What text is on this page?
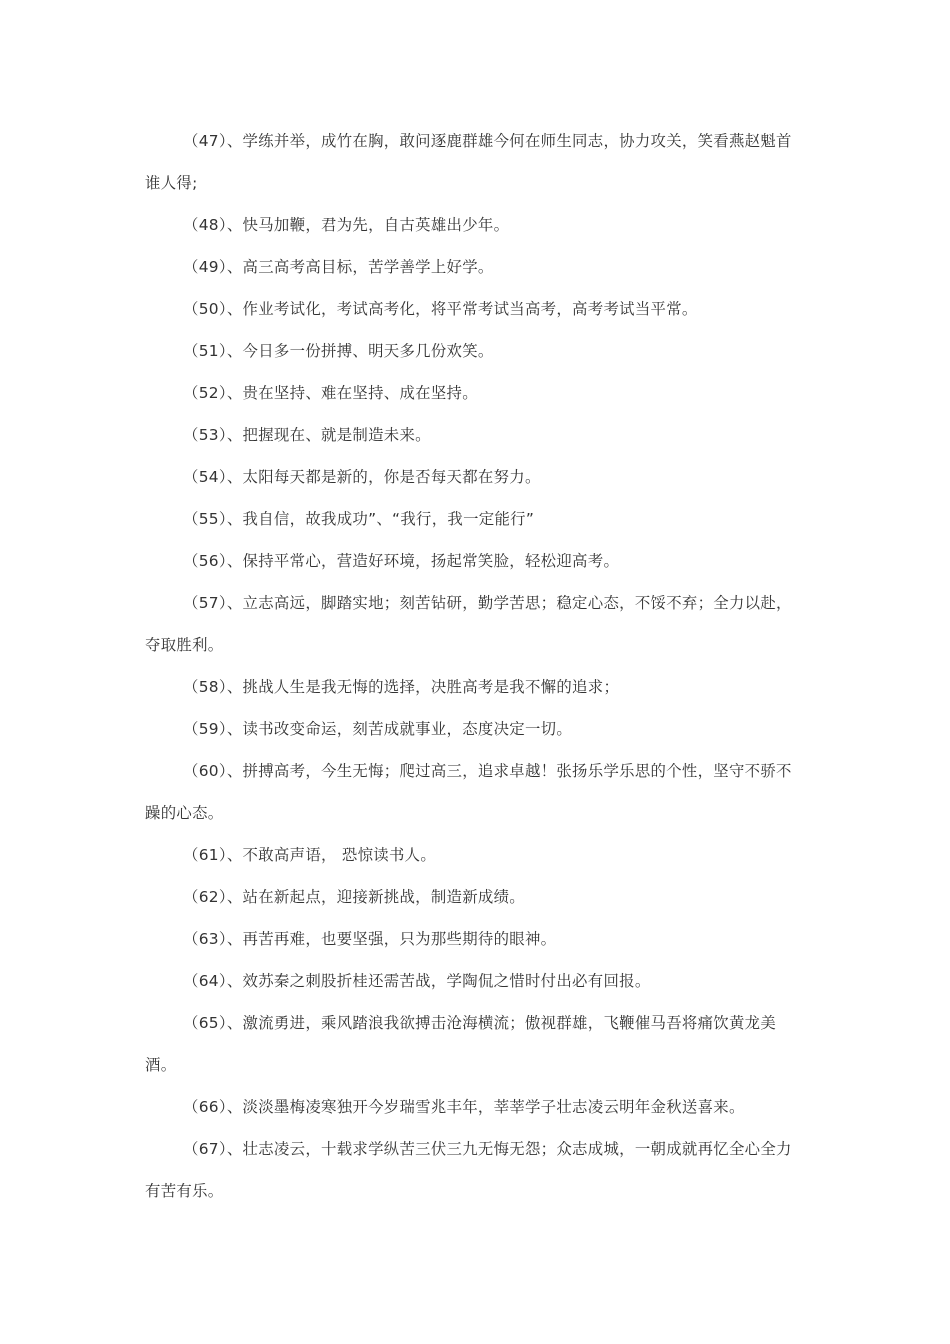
（47）、学练并举，成竹在胸，敢问逐鹿群雄今何在师生同志，协力攻关，笑看燕赵魁首谁人得;

（48）、快马加鞭，君为先，自古英雄出少年。

（49）、高三高考高目标，苦学善学上好学。

（50）、作业考试化，考试高考化，将平常考试当高考，高考考试当平常。

（51）、今日多一份拼搏、明天多几份欢笑。

（52）、贵在坚持、难在坚持、成在坚持。

（53）、把握现在、就是制造未来。

（54）、太阳每天都是新的，你是否每天都在努力。

（55）、我自信，故我成功”、“我行，我一定能行”

（56）、保持平常心，营造好环境，扬起常笑脸，轻松迎高考。

（57）、立志高远，脚踏实地；刻苦钻研，勤学苦思；稳定心态，不馁不弃；全力以赴，夺取胜利。

（58）、挑战人生是我无悔的选择，决胜高考是我不懈的追求；

（59）、读书改变命运，刻苦成就事业，态度决定一切。

（60）、拼搏高考，今生无悔；爬过高三，追求卓越！张扬乐学乐思的个性，坚守不骄不躁的心态。

（61）、不敢高声语， 恐惊读书人。

（62）、站在新起点，迎接新挑战，制造新成绩。

（63）、再苦再难，也要坚强，只为那些期待的眼神。

（64）、效苏秦之刺股折桂还需苦战，学陶侃之惜时付出必有回报。

（65）、激流勇进，乘风踏浪我欲搏击沧海横流；傲视群雄，飞鞭催马吾将痛饮黄龙美酒。

（66）、淡淡墨梅凌寒独开今岁瑞雪兆丰年，莘莘学子壮志凌云明年金秋送喜来。

（67）、壮志凌云，十载求学纵苦三伏三九无悔无怨；众志成城，一朝成就再忆全心全力有苦有乐。
